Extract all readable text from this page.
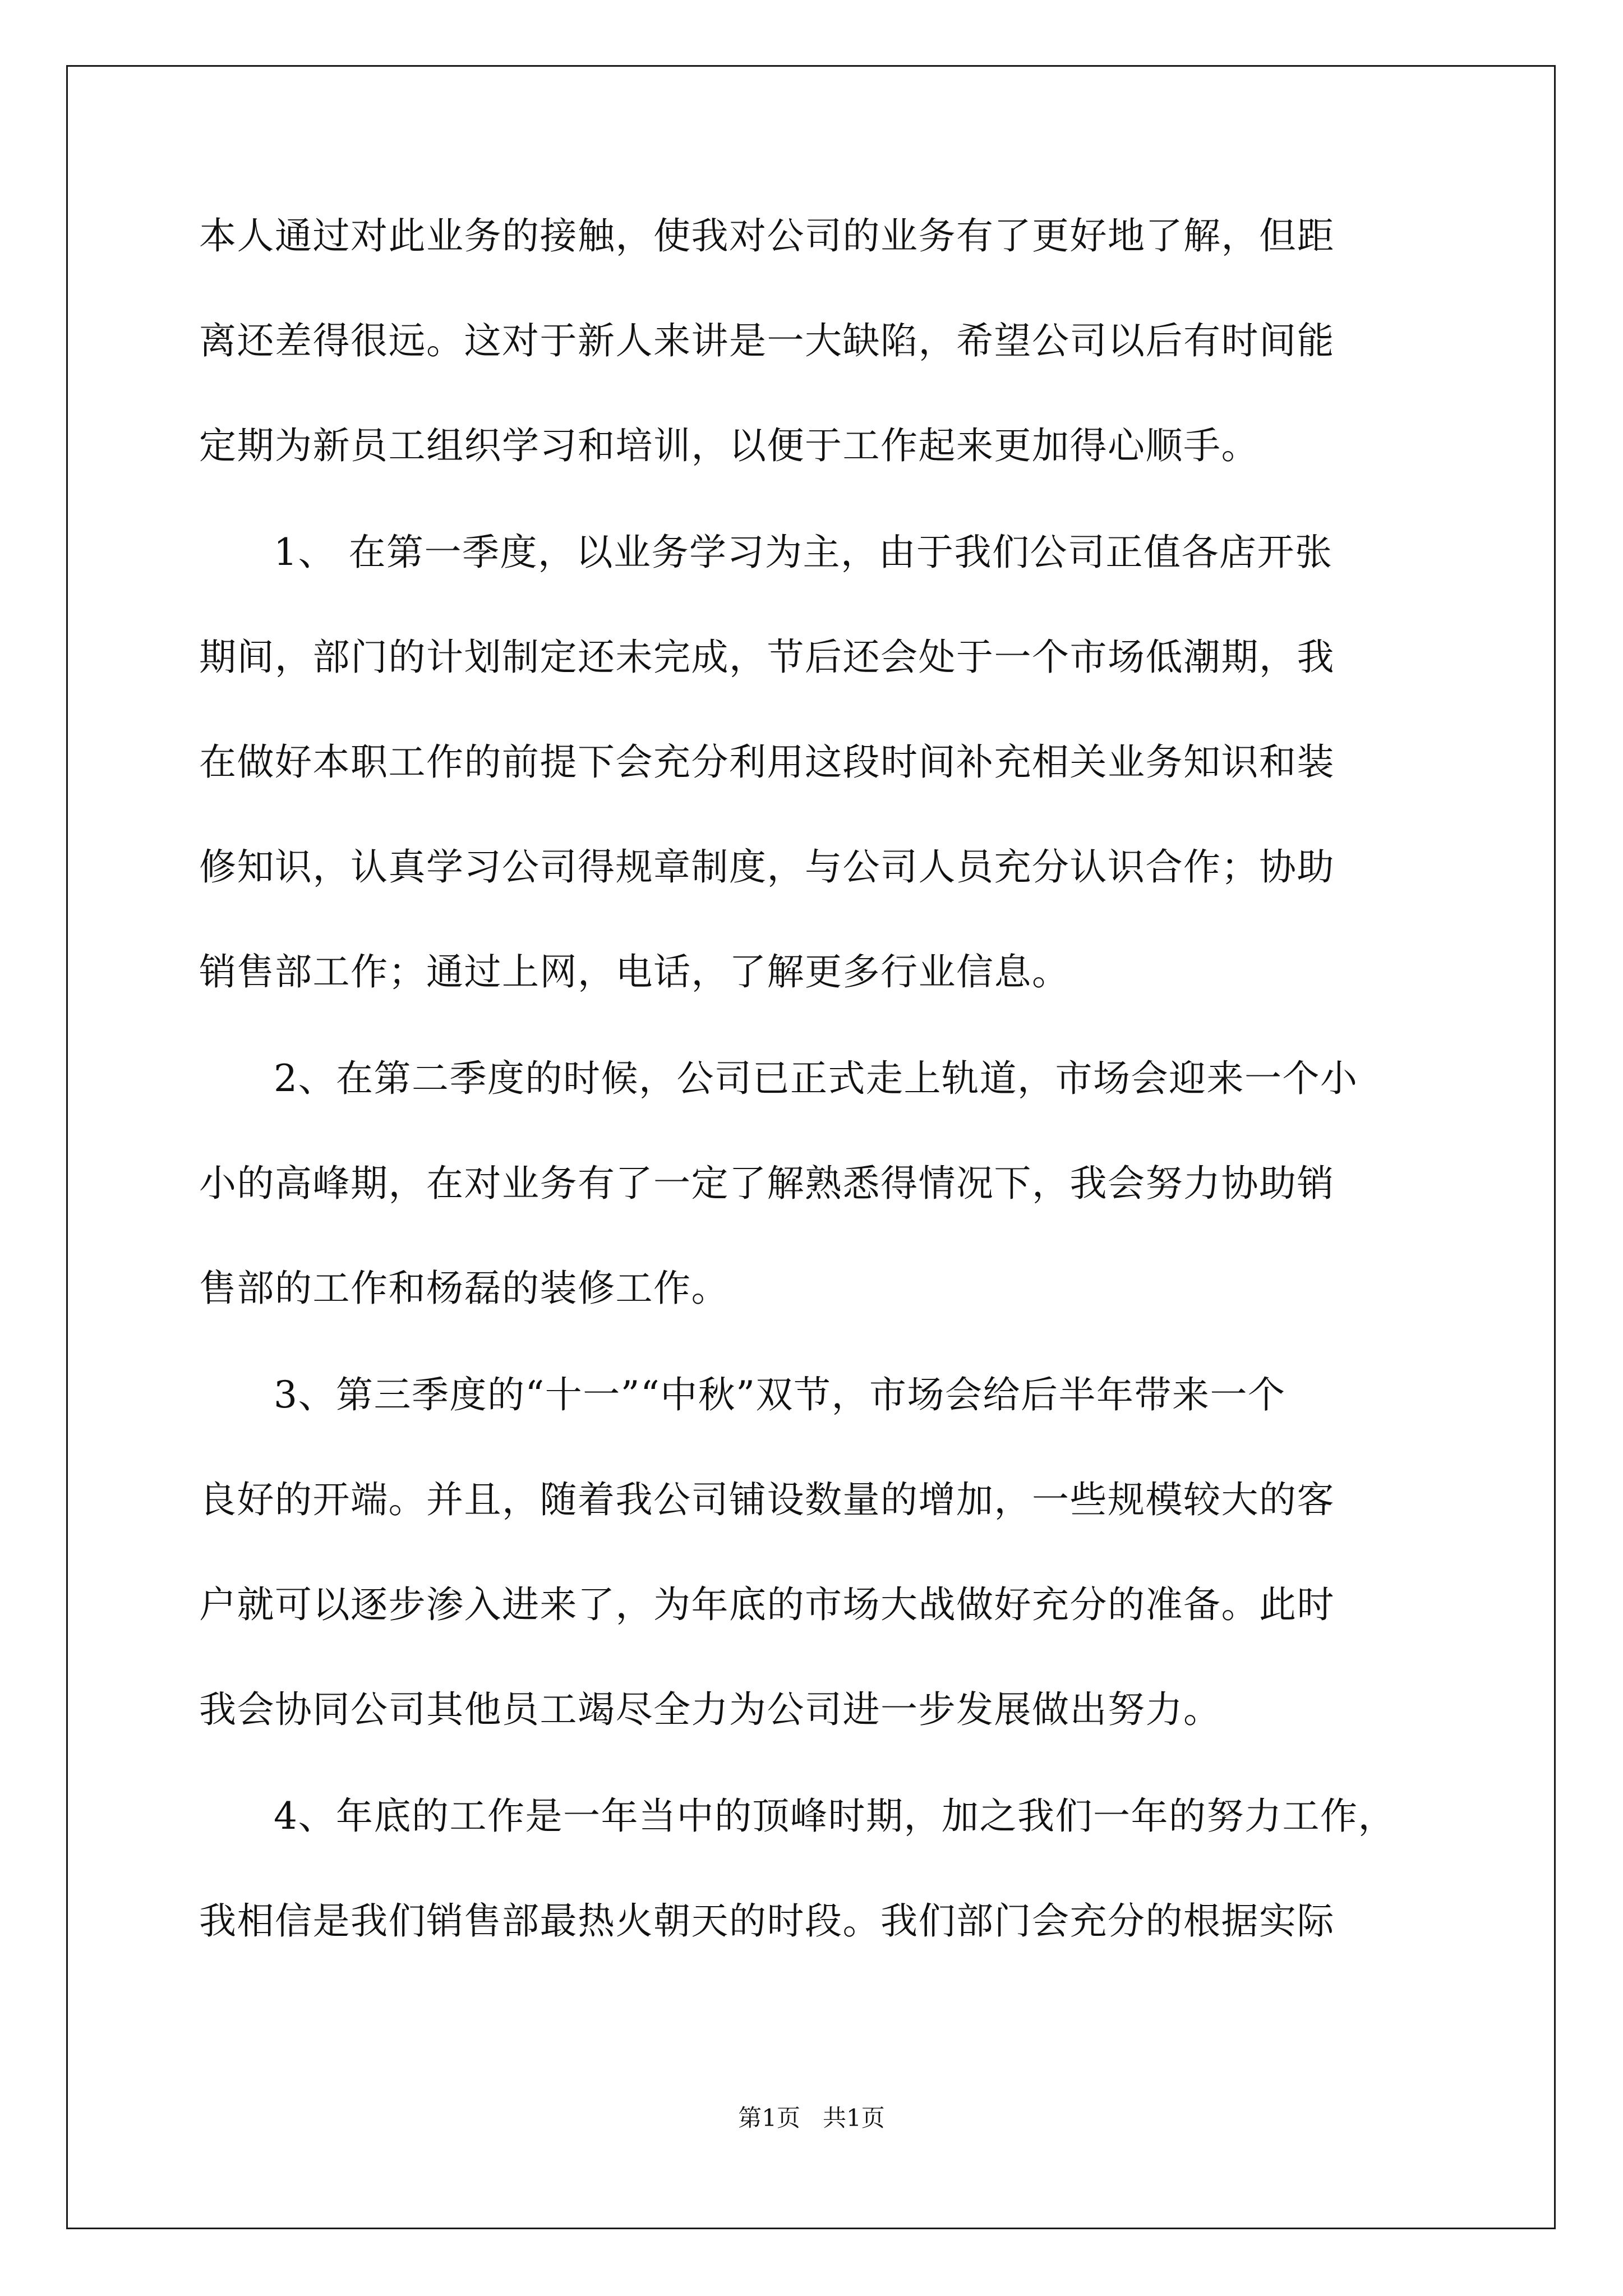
本人通过对此业务的接触，使我对公司的业务有了更好地了解，但距
离还差得很远。这对于新人来讲是一大缺陷，希望公司以后有时间能
定期为新员工组织学习和培训，以便于工作起来更加得心顺手。
1、 在第一季度，以业务学习为主，由于我们公司正值各店开张
期间，部门的计划制定还未完成，节后还会处于一个市场低潮期，我
在做好本职工作的前提下会充分利用这段时间补充相关业务知识和装
修知识，认真学习公司得规章制度，与公司人员充分认识合作；协助
销售部工作；通过上网，电话，了解更多行业信息。
2、在第二季度的时候，公司已正式走上轨道，市场会迎来一个小
小的高峰期，在对业务有了一定了解熟悉得情况下，我会努力协助销
售部的工作和杨磊的装修工作。
3、第三季度的“十一”“中秋”双节，市场会给后半年带来一个
良好的开端。并且，随着我公司铺设数量的增加，一些规模较大的客
户就可以逐步渗入进来了，为年底的市场大战做好充分的准备。此时
我会协同公司其他员工竭尽全力为公司进一步发展做出努力。
4、年底的工作是一年当中的顶峰时期，加之我们一年的努力工作，
我相信是我们销售部最热火朝天的时段。我们部门会充分的根据实际
第1页   共1页
